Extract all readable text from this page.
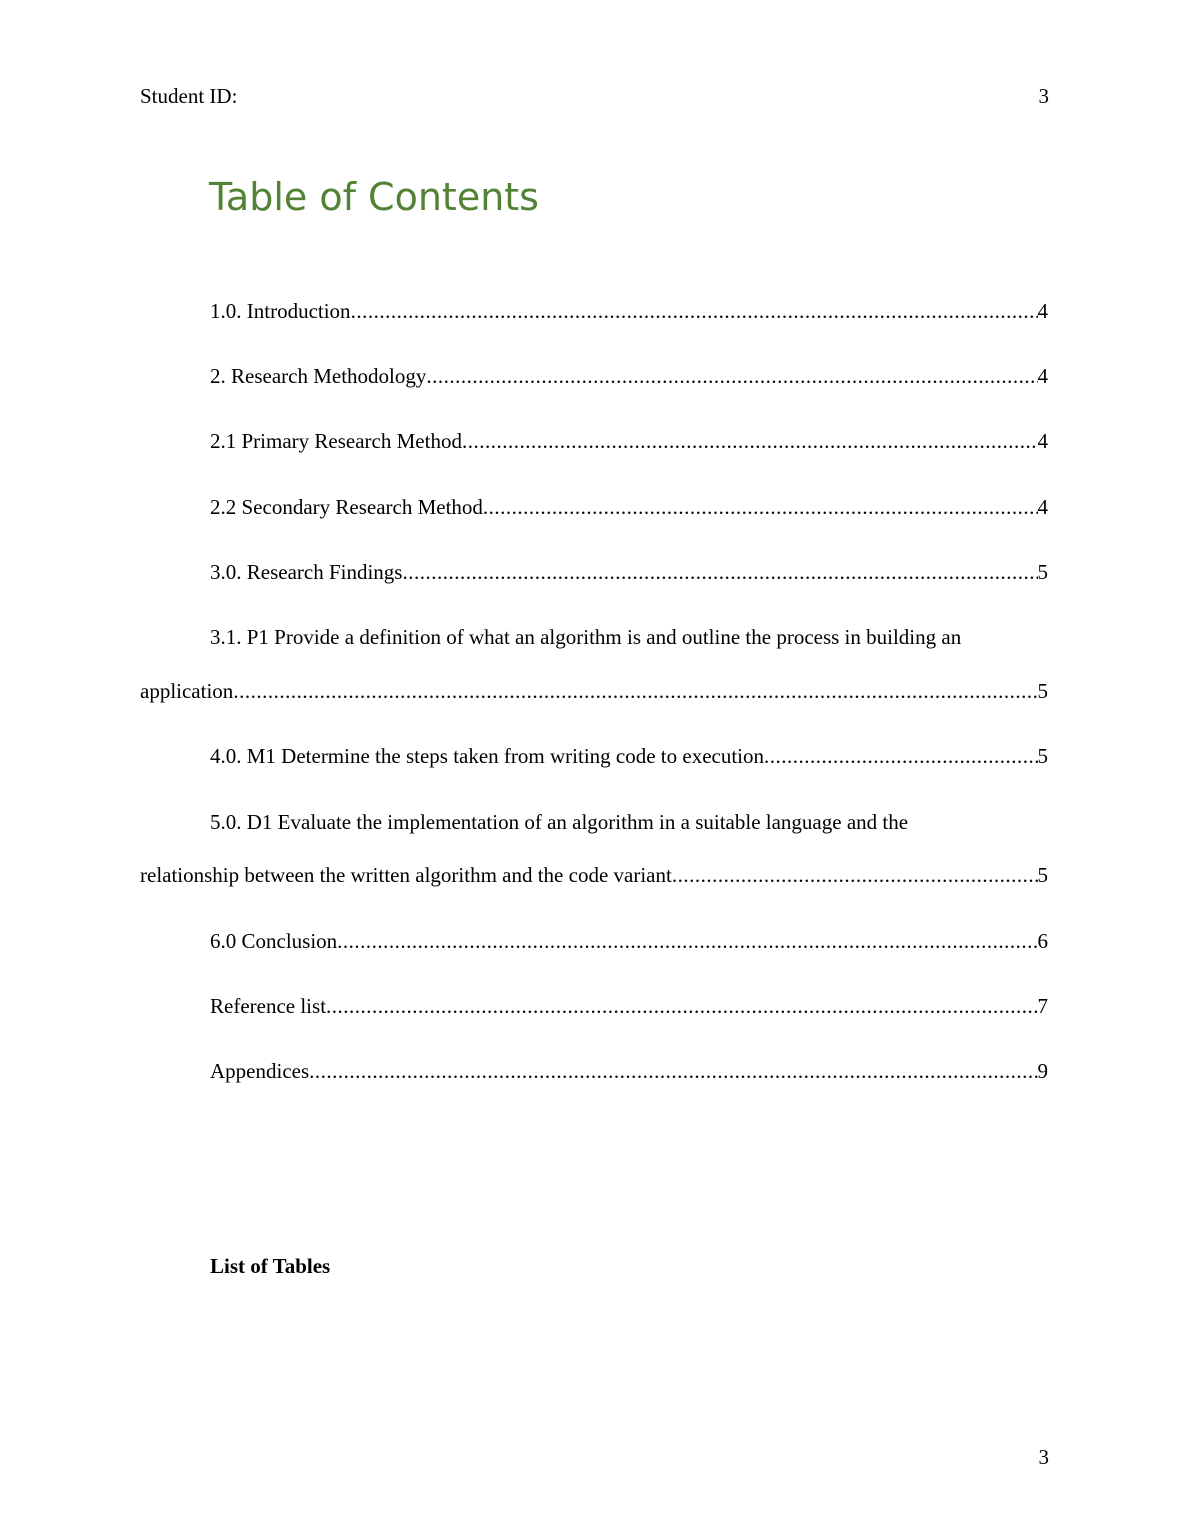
Student ID:	3
Table of Contents
1.0. Introduction .....	4
2. Research Methodology .....	4
2.1 Primary Research Method .....	4
2.2 Secondary Research Method .....	4
3.0. Research Findings .....	5
3.1. P1 Provide a definition of what an algorithm is and outline the process in building an
application .....	5
4.0. M1 Determine the steps taken from writing code to execution .....	5
5.0. D1 Evaluate the implementation of an algorithm in a suitable language and the
relationship between the written algorithm and the code variant .....	5
6.0 Conclusion .....	6
Reference list .....	7
Appendices .....	9
List of Tables
3
